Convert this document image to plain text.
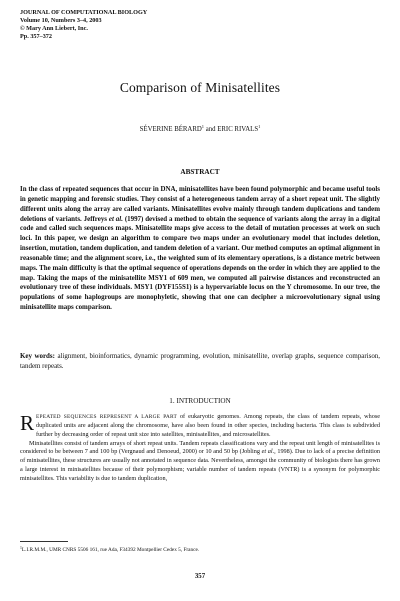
JOURNAL OF COMPUTATIONAL BIOLOGY
Volume 10, Numbers 3–4, 2003
© Mary Ann Liebert, Inc.
Pp. 357–372
Comparison of Minisatellites
SÉVERINE BÉRARD$^1$ and ERIC RIVALS$^1$
ABSTRACT
In the class of repeated sequences that occur in DNA, minisatellites have been found polymorphic and became useful tools in genetic mapping and forensic studies. They consist of a heterogeneous tandem array of a short repeat unit. The slightly different units along the array are called variants. Minisatellites evolve mainly through tandem duplications and tandem deletions of variants. Jeffreys et al. (1997) devised a method to obtain the sequence of variants along the array in a digital code and called such sequences maps. Minisatellite maps give access to the detail of mutation processes at work on such loci. In this paper, we design an algorithm to compare two maps under an evolutionary model that includes deletion, insertion, mutation, tandem duplication, and tandem deletion of a variant. Our method computes an optimal alignment in reasonable time; and the alignment score, i.e., the weighted sum of its elementary operations, is a distance metric between maps. The main difficulty is that the optimal sequence of operations depends on the order in which they are applied to the map. Taking the maps of the minisatellite MSY1 of 609 men, we computed all pairwise distances and reconstructed an evolutionary tree of these individuals. MSY1 (DYF155S1) is a hypervariable locus on the Y chromosome. In our tree, the populations of some haplogroups are monophyletic, showing that one can decipher a microevolutionary signal using minisatellite maps comparison.
Key words: alignment, bioinformatics, dynamic programming, evolution, minisatellite, overlap graphs, sequence comparison, tandem repeats.
1. INTRODUCTION

REPEATED SEQUENCES REPRESENT A LARGE PART of eukaryotic genomes. Among repeats, the class of tandem repeats, whose duplicated units are adjacent along the chromosome, have also been found in other species, including bacteria. This class is subdivided further by decreasing order of repeat unit size into satellites, minisatellites, and microsatellites.

Minisatellites consist of tandem arrays of short repeat units. Tandem repeats classifications vary and the repeat unit length of minisatellites is considered to be between 7 and 100 bp (Vergnaud and Denoeud, 2000) or 10 and 50 bp (Jobling et al., 1998). Due to lack of a precise definition of minisatellites, these structures are usually not annotated in sequence data. Nevertheless, amongst the community of biologists there has grown a large interest in minisatellites because of their polymorphism; variable number of tandem repeats (VNTR) is a synonym for polymorphic minisatellites. This variability is due to tandem duplication,

$^1$L.I.R.M.M., UMR CNRS 5506 161, rue Ada, F34392 Montpellier Cedex 5, France.
357
